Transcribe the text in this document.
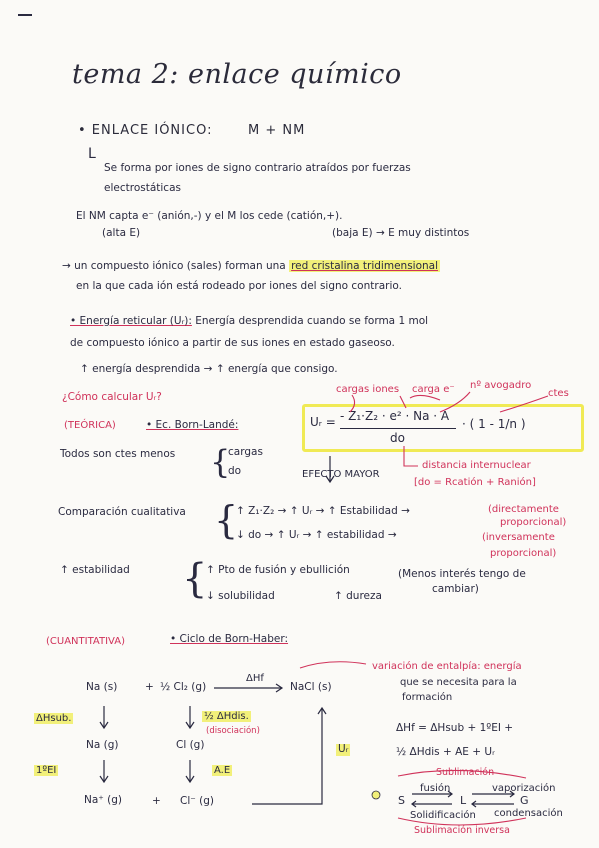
tema 2: enlace químico
• ENLACE IÓNICO:	M + NM
L
Se forma por iones de signo contrario atraídos por fuerzas
electrostáticas
El NM capta e⁻ (anión,-) y el M los cede (catión,+).
(alta E)	(baja E) → E muy distintos
→ un compuesto iónico (sales) forman una red cristalina tridimensional
en la que cada ión está rodeado por iones del signo contrario.
• Energía reticular (Uᵣ): Energía desprendida cuando se forma 1 mol
de compuesto iónico a partir de sus iones en estado gaseoso.
↑ energía desprendida → ↑ energía que consigo.
¿Cómo calcular Uᵣ?
cargas iones carga e⁻ nº avogadro
ctes
(TEÓRICA)	• Ec. Born-Landé:	Uᵣ = - Z₁·Z₂ · e² · Na · A
do
· ( 1 - 1/n )
Todos son ctes menos {
cargas
do	EFECTO MAYOR
distancia internuclear
[do = Rcatión + Ranión]
Comparación cualitativa {
↑ Z₁·Z₂ → ↑ Uᵣ → ↑ Estabilidad →	(directamente
proporcional)
↓ do → ↑ Uᵣ → ↑ estabilidad →	(inversamente
proporcional)
↑ estabilidad {
↑ Pto de fusión y ebullición	(Menos interés tengo de
cambiar)
↓ solubilidad	↑ dureza
(CUANTITATIVA)	• Ciclo de Born-Haber:
variación de entalpía: energía
que se necesita para la
formación
Na (s)	+ ½ Cl₂ (g)
ΔHf
NaCl (s)
ΔHsub.	½ ΔHdis.
(disociación)
Na (g)	Cl (g)	Uᵣ
1ºEI	A.E
Na⁺ (g)	+ Cl⁻ (g)
ΔHf = ΔHsub + 1ºEI +
½ ΔHdis + AE + Uᵣ
Sublimación
fusión	vaporización
S	L	G
Solidificación condensación
Sublimación inversa
